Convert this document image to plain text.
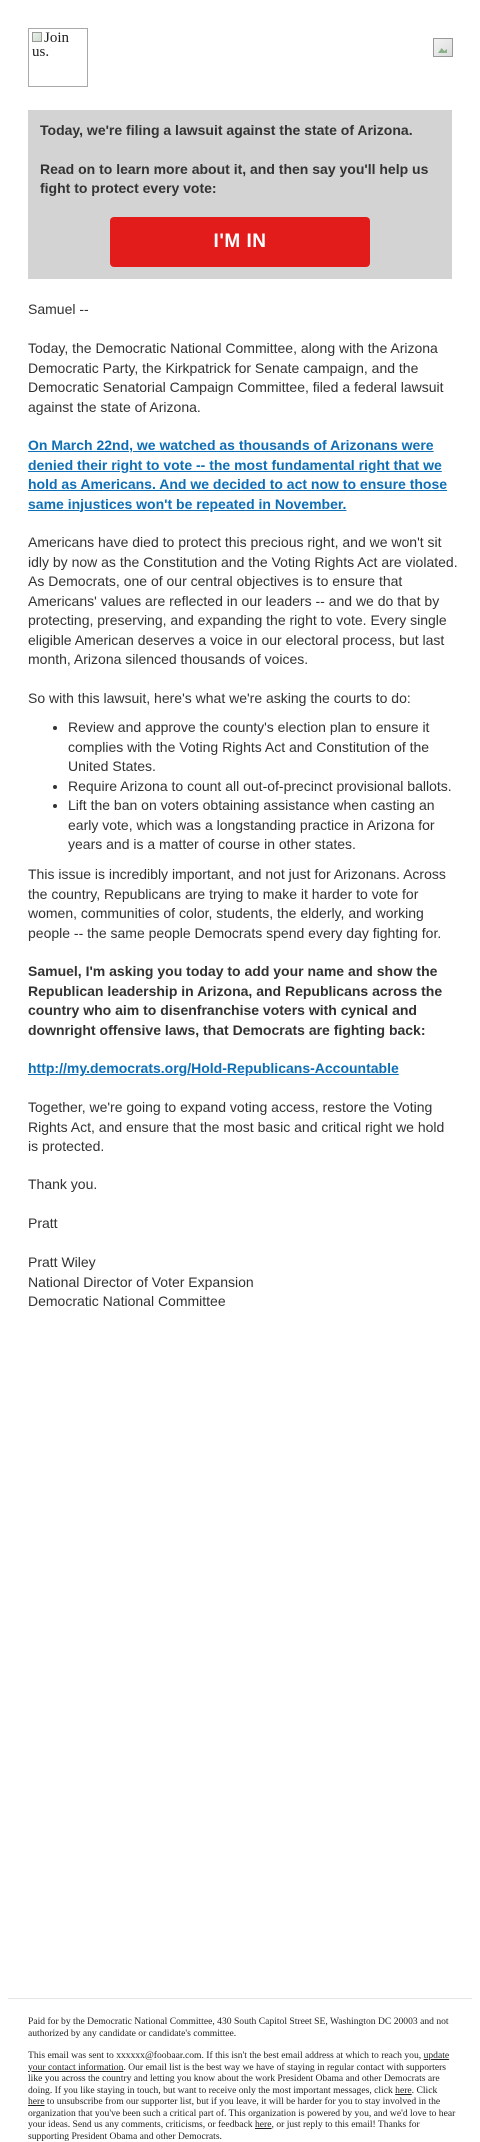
Join us.

Today, we're filing a lawsuit against the state of Arizona.

Read on to learn more about it, and then say you'll help us fight to protect every vote:

I'M IN
Samuel --
Today, the Democratic National Committee, along with the Arizona Democratic Party, the Kirkpatrick for Senate campaign, and the Democratic Senatorial Campaign Committee, filed a federal lawsuit against the state of Arizona.
On March 22nd, we watched as thousands of Arizonans were denied their right to vote -- the most fundamental right that we hold as Americans. And we decided to act now to ensure those same injustices won't be repeated in November.
Americans have died to protect this precious right, and we won't sit idly by now as the Constitution and the Voting Rights Act are violated. As Democrats, one of our central objectives is to ensure that Americans' values are reflected in our leaders -- and we do that by protecting, preserving, and expanding the right to vote. Every single eligible American deserves a voice in our electoral process, but last month, Arizona silenced thousands of voices.
So with this lawsuit, here's what we're asking the courts to do:
• Review and approve the county's election plan to ensure it complies with the Voting Rights Act and Constitution of the United States.
• Require Arizona to count all out-of-precinct provisional ballots.
• Lift the ban on voters obtaining assistance when casting an early vote, which was a longstanding practice in Arizona for years and is a matter of course in other states.
This issue is incredibly important, and not just for Arizonans. Across the country, Republicans are trying to make it harder to vote for women, communities of color, students, the elderly, and working people -- the same people Democrats spend every day fighting for.
Samuel, I'm asking you today to add your name and show the Republican leadership in Arizona, and Republicans across the country who aim to disenfranchise voters with cynical and downright offensive laws, that Democrats are fighting back:
http://my.democrats.org/Hold-Republicans-Accountable
Together, we're going to expand voting access, restore the Voting Rights Act, and ensure that the most basic and critical right we hold is protected.
Thank you.
Pratt

Pratt Wiley

National Director of Voter Expansion

Democratic National Committee

Paid for by the Democratic National Committee, 430 South Capitol Street SE, Washington DC 20003 and not authorized by any candidate or candidate's committee.

This email was sent to xxxxxx@foobaar.com. If this isn't the best email address at which to reach you, update your contact information. Our email list is the best way we have of staying in regular contact with supporters like you across the country and letting you know about the work President Obama and other Democrats are doing. If you like staying in touch, but want to receive only the most important messages, click here. Click here to unsubscribe from our supporter list, but if you leave, it will be harder for you to stay involved in the organization that you've been such a critical part of. This organization is powered by you, and we'd love to hear your ideas. Send us any comments, criticisms, or feedback here, or just reply to this email! Thanks for supporting President Obama and other Democrats.
